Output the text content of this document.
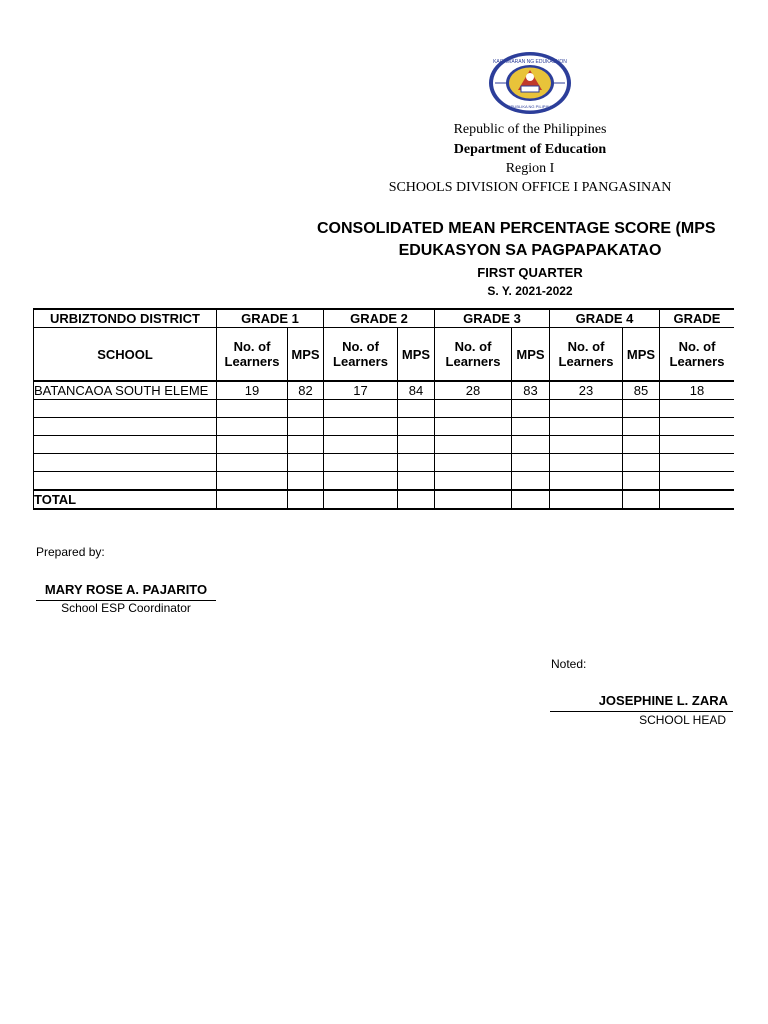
KAGAWARAN NG EDUKASYON
REPUBLIKA NG PILIPINAS
Republic of the Philippines
Department of Education
Region I
SCHOOLS DIVISION OFFICE I PANGASINAN
CONSOLIDATED MEAN PERCENTAGE SCORE (MPS
EDUKASYON SA PAGPAPAKATAO
FIRST QUARTER
S. Y. 2021-2022
URBIZTONDO DISTRICT	GRADE 1		GRADE 2		GRADE 3		GRADE 4		GRADE
SCHOOL	No. of Learners	MPS	No. of Learners	MPS	No. of Learners	MPS	No. of Learners	MPS	No. of Learners
BATANCAOA SOUTH ELEME	19	82	17	84	28	83	23	85	18

TOTAL									
Prepared by:
MARY ROSE A. PAJARITO
School ESP Coordinator
Noted:
JOSEPHINE L. ZARA
SCHOOL HEAD
